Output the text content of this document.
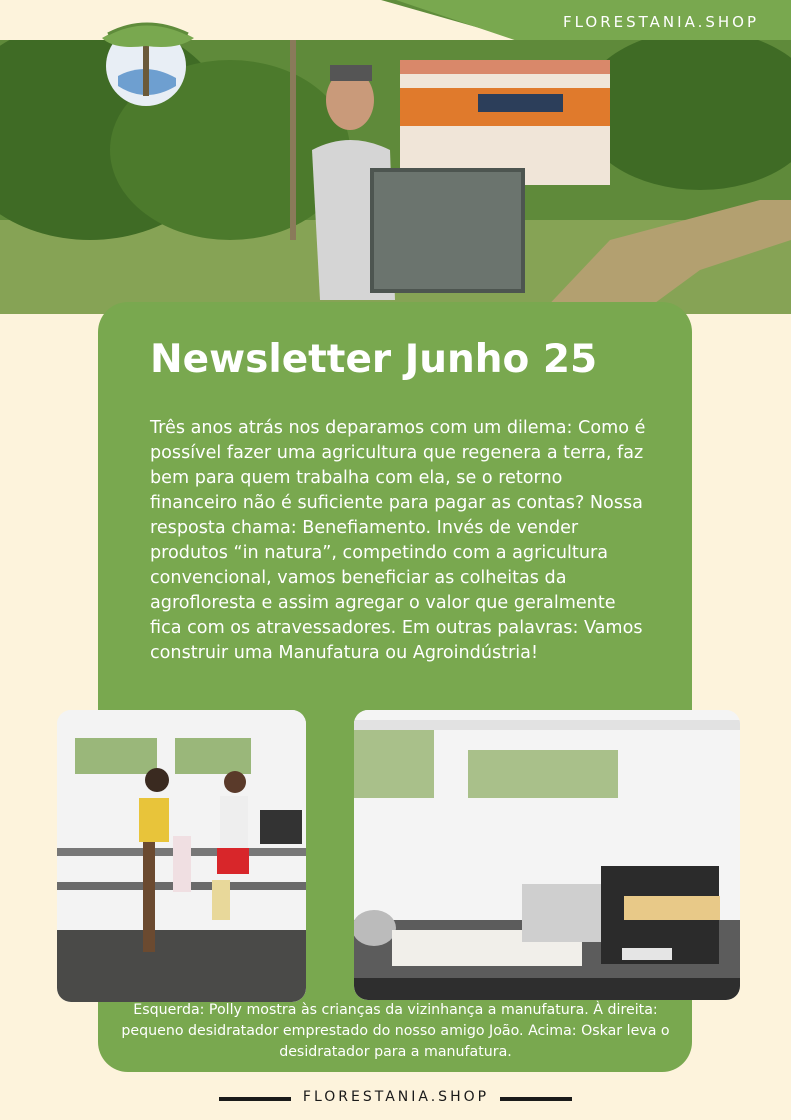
FLORESTANIA.SHOP
Newsletter Junho 25

Três anos atrás nos deparamos com um dilema: Como é possível fazer uma agricultura que regenera a terra, faz bem para quem trabalha com ela, se o retorno financeiro não é suficiente para pagar as contas? Nossa resposta chama: Benefiamento. Invés de vender produtos “in natura”, competindo com a agricultura convencional, vamos beneficiar as colheitas da agrofloresta e assim agregar o valor que geralmente fica com os atravessadores. Em outras palavras: Vamos construir uma Manufatura ou Agroindústria!

Esquerda: Polly mostra às crianças da vizinhança a manufatura. À direita: pequeno desidratador emprestado do nosso amigo João. Acima: Oskar leva o desidratador para a manufatura.

FLORESTANIA.SHOP
